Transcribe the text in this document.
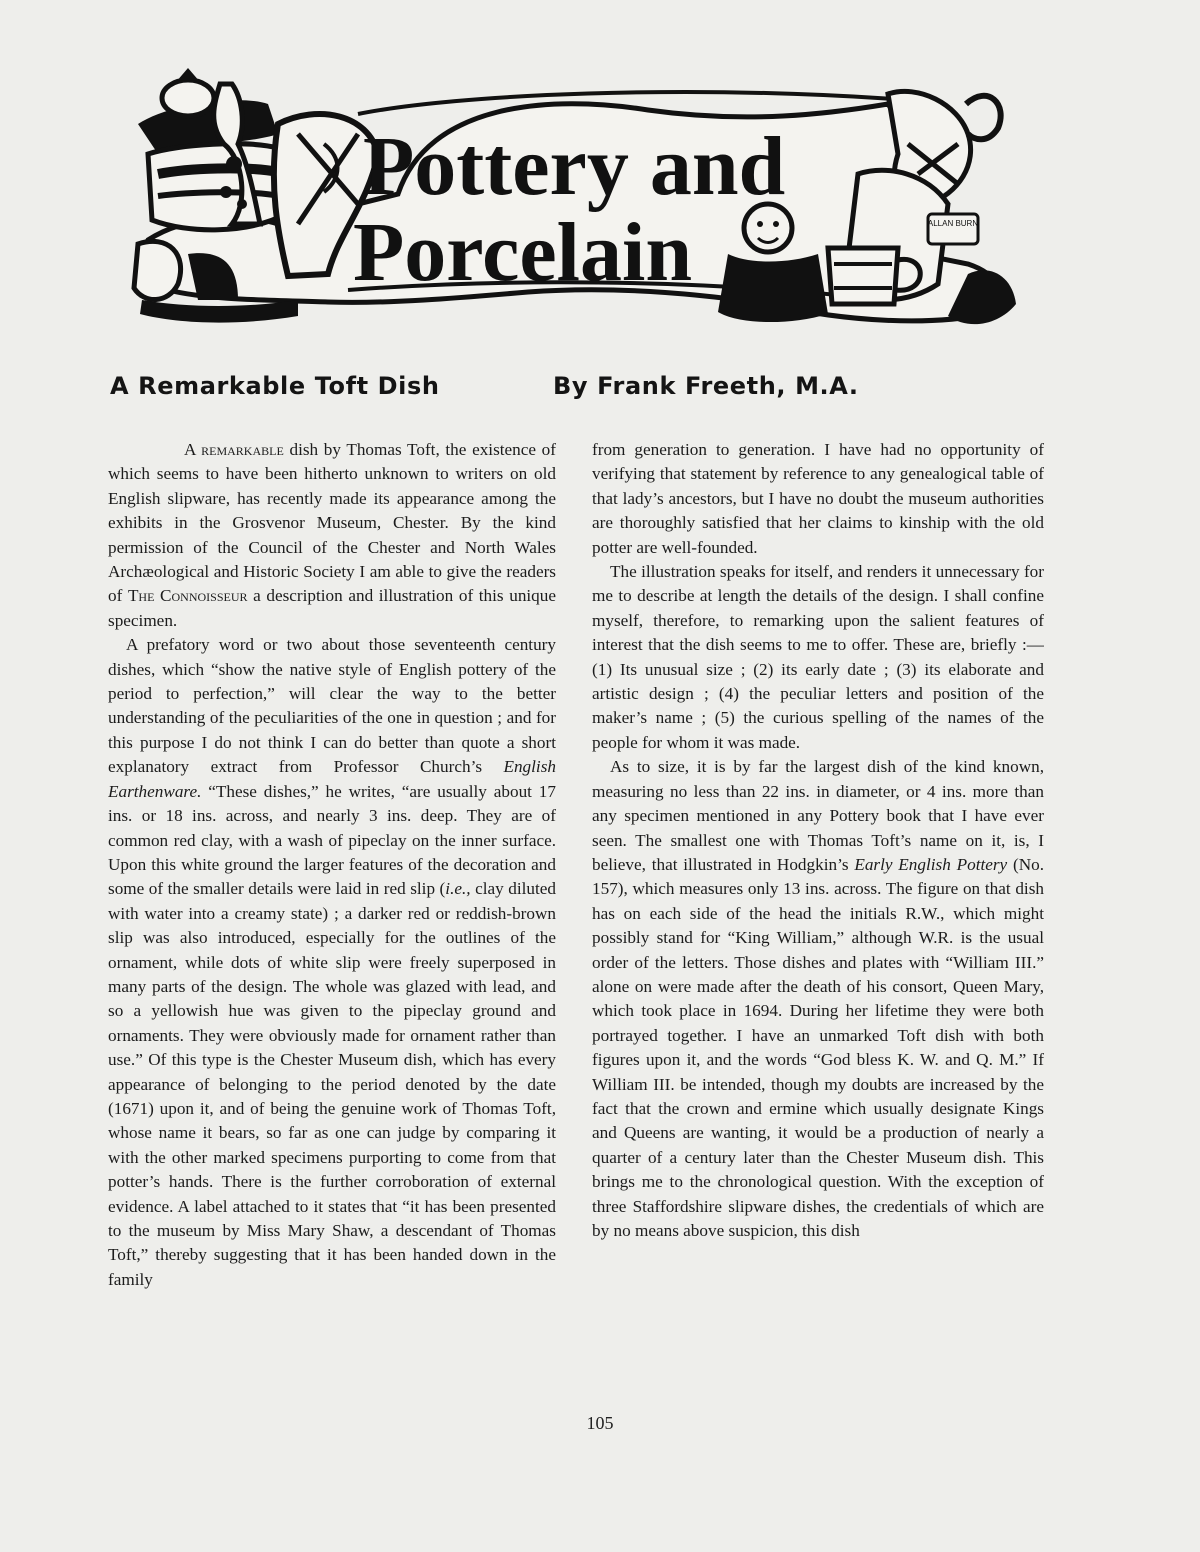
ALLAN BURN
Pottery and
Porcelain
A Remarkable Toft Dish	By Frank Freeth, M.A.

A remarkable dish by Thomas Toft, the existence of which seems to have been hitherto unknown to writers on old English slipware, has recently made its appearance among the exhibits in the Grosvenor Museum, Chester. By the kind permission of the Council of the Chester and North Wales Archæological and Historic Society I am able to give the readers of The Connoisseur a description and illustration of this unique specimen.

A prefatory word or two about those seventeenth century dishes, which “show the native style of English pottery of the period to perfection,” will clear the way to the better understanding of the peculiarities of the one in question ; and for this purpose I do not think I can do better than quote a short explanatory extract from Professor Church’s English Earthenware. “These dishes,” he writes, “are usually about 17 ins. or 18 ins. across, and nearly 3 ins. deep. They are of common red clay, with a wash of pipeclay on the inner surface. Upon this white ground the larger features of the decoration and some of the smaller details were laid in red slip (i.e., clay diluted with water into a creamy state) ; a darker red or reddish-brown slip was also introduced, especially for the outlines of the ornament, while dots of white slip were freely superposed in many parts of the design. The whole was glazed with lead, and so a yellowish hue was given to the pipeclay ground and ornaments. They were obviously made for ornament rather than use.” Of this type is the Chester Museum dish, which has every appearance of belonging to the period denoted by the date (1671) upon it, and of being the genuine work of Thomas Toft, whose name it bears, so far as one can judge by comparing it with the other marked specimens purporting to come from that potter’s hands. There is the further corroboration of external evidence. A label attached to it states that “it has been presented to the museum by Miss Mary Shaw, a descendant of Thomas Toft,” thereby suggesting that it has been handed down in the family

from generation to generation. I have had no opportunity of verifying that statement by reference to any genealogical table of that lady’s ancestors, but I have no doubt the museum authorities are thoroughly satisfied that her claims to kinship with the old potter are well-founded.

The illustration speaks for itself, and renders it unnecessary for me to describe at length the details of the design. I shall confine myself, therefore, to remarking upon the salient features of interest that the dish seems to me to offer. These are, briefly :— (1) Its unusual size ; (2) its early date ; (3) its elaborate and artistic design ; (4) the peculiar letters and position of the maker’s name ; (5) the curious spelling of the names of the people for whom it was made.

As to size, it is by far the largest dish of the kind known, measuring no less than 22 ins. in diameter, or 4 ins. more than any specimen mentioned in any Pottery book that I have ever seen. The smallest one with Thomas Toft’s name on it, is, I believe, that illustrated in Hodgkin’s Early English Pottery (No. 157), which measures only 13 ins. across. The figure on that dish has on each side of the head the initials R.W., which might possibly stand for “King William,” although W.R. is the usual order of the letters. Those dishes and plates with “William III.” alone on were made after the death of his consort, Queen Mary, which took place in 1694. During her lifetime they were both portrayed together. I have an unmarked Toft dish with both figures upon it, and the words “God bless K. W. and Q. M.” If William III. be intended, though my doubts are increased by the fact that the crown and ermine which usually designate Kings and Queens are wanting, it would be a production of nearly a quarter of a century later than the Chester Museum dish. This brings me to the chronological question. With the exception of three Staffordshire slipware dishes, the credentials of which are by no means above suspicion, this dish

105
